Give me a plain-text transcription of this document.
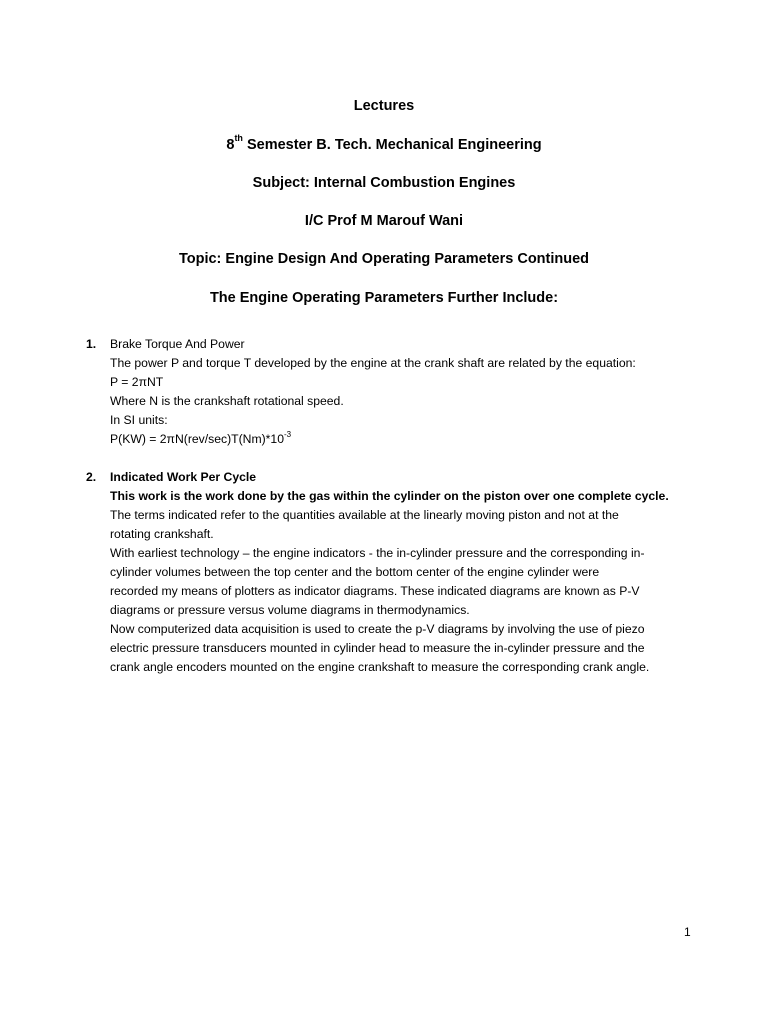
Lectures
8th Semester B. Tech. Mechanical Engineering
Subject: Internal Combustion Engines
I/C Prof M Marouf Wani
Topic: Engine Design And Operating Parameters Continued
The Engine Operating Parameters Further Include:
1. Brake Torque And Power
The power P and torque T developed by the engine at the crank shaft are related by the equation:
P = 2πNT
Where N is the crankshaft rotational speed.
In SI units:
$P(KW) = 2\pi N(rev/\sec)T(Nm)*10^{-3}$
2. Indicated Work Per Cycle
This work is the work done by the gas within the cylinder on the piston over one complete cycle.
The terms indicated refer to the quantities available at the linearly moving piston and not at the
rotating crankshaft.
With earliest technology – the engine indicators - the in-cylinder pressure and the corresponding in-
cylinder volumes between the top center and the bottom center of the engine cylinder were
recorded my means of plotters as indicator diagrams. These indicated diagrams are known as P-V
diagrams or pressure versus volume diagrams in thermodynamics.
Now computerized data acquisition is used to create the p-V diagrams by involving the use of piezo
electric pressure transducers mounted in cylinder head to measure the in-cylinder pressure and the
crank angle encoders mounted on the engine crankshaft to measure the corresponding crank angle.
1
